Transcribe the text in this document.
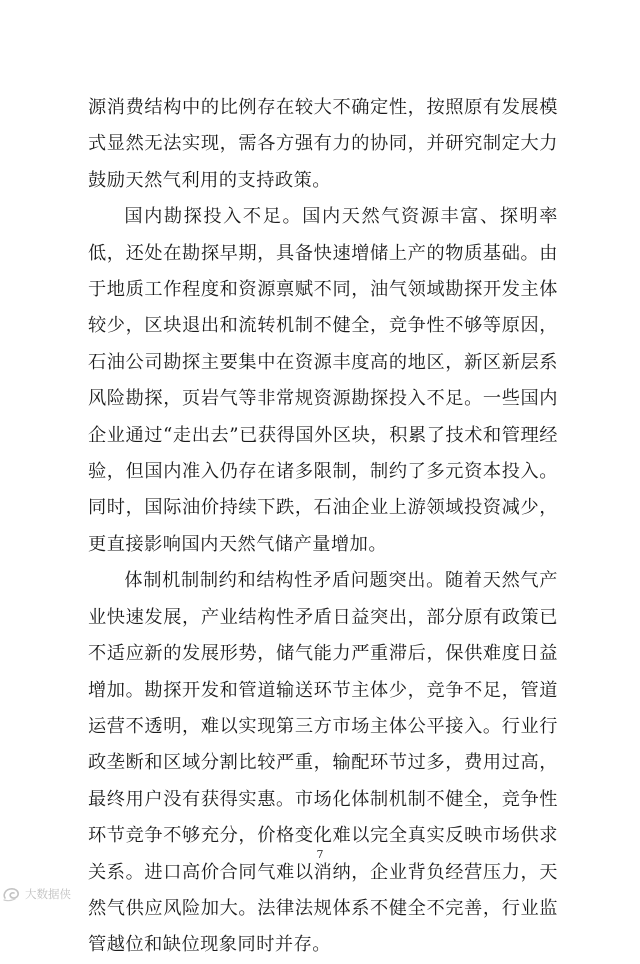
源消费结构中的比例存在较大不确定性，按照原有发展模式显然无法实现，需各方强有力的协同，并研究制定大力鼓励天然气利用的支持政策。

国内勘探投入不足。国内天然气资源丰富、探明率低，还处在勘探早期，具备快速增储上产的物质基础。由于地质工作程度和资源禀赋不同，油气领域勘探开发主体较少，区块退出和流转机制不健全，竞争性不够等原因，石油公司勘探主要集中在资源丰度高的地区，新区新层系风险勘探，页岩气等非常规资源勘探投入不足。一些国内企业通过“走出去”已获得国外区块，积累了技术和管理经验，但国内准入仍存在诸多限制，制约了多元资本投入。同时，国际油价持续下跌，石油企业上游领域投资减少，更直接影响国内天然气储产量增加。

体制机制制约和结构性矛盾问题突出。随着天然气产业快速发展，产业结构性矛盾日益突出，部分原有政策已不适应新的发展形势，储气能力严重滞后，保供难度日益增加。勘探开发和管道输送环节主体少，竞争不足，管道运营不透明，难以实现第三方市场主体公平接入。行业行政垄断和区域分割比较严重，输配环节过多，费用过高，最终用户没有获得实惠。市场化体制机制不健全，竞争性环节竞争不够充分，价格变化难以完全真实反映市场供求关系。进口高价合同气难以消纳，企业背负经营压力，天然气供应风险加大。法律法规体系不健全不完善，行业监管越位和缺位现象同时并存。

7
大数据侠
